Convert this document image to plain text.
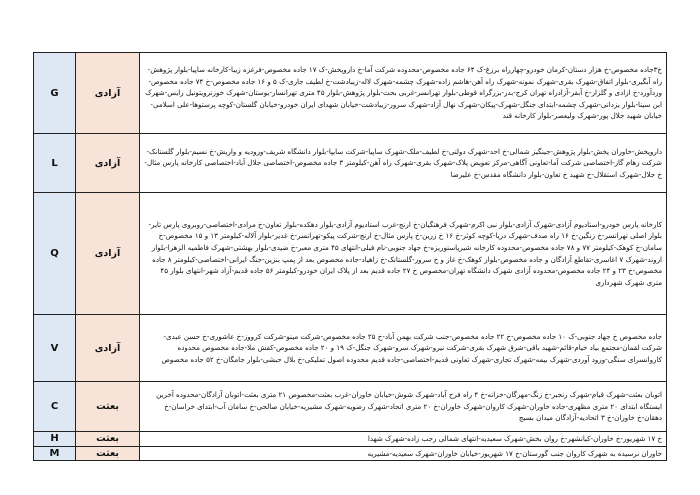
G	آزادی	خ۳جاده مخصوص-خ هزار دستان-کرمان خودرو-چهارراه برزغ-ک ۶۴ جاده مخصوص-محدوده شرکت آما-خ داروپخش-ک ۱۷ جاده مخصوص-فرغزه زیبا-کارخانه ساپیا-بلوار پژوهش-راه آبگیری-بلوار اتفاق-شهرک بقری-شهرک نمونه-شهرک راه آهن-هاشم زاده-شهرک چشمه-شهرک لاله-زیبادشت-خ لطیف جاری-ک ۵ و ۱۶ جاده مخصوص-خ ۷۴ جاده مخصوص-وردآورد-خ ازادی و گلزار-خ آبقر-آزادراه تهران کرج-بدر-بزرگراه قوطی-بلوار تهرانسر-غربی بحث-بلوار پژوهش-بلوار ۴۵ متری تهرانسار-بوستان-شهرک خوزنرویتونیل رایس-شهرک ابن سینا-بلوار یزدانی-شهرک چشمه-ابتدای جنگل-شهرک-پیکان-شهرک نهال آزاد-شهرک سرور-زیبادشت-خیابان شهدای ایران خودرو-خیابان گلستان-کوچه پرستوها-علی اسلامی-خیابان شهید جلال پور-شهرک ولیعصر-بلوار کارخانه قند
L	آزادی	داروپخش-خاوران پخش-بلوار پژوهش-جینگیز شمالی-خ احد-شهرک دولتی-خ لطیف-ملک-شهرک ساپیا-شرکت سایپا-بلوار دانشگاه شریف-ورودیه و واریش-خ نسیم-بلوار گلستانک-شرکت رهام گاز-اختصاصی شرکت آما-تعاونی آگاهی-مرکز تعویض پلاک-شهرک بقری-شهرک راه آهن-کیلومتر ۳ جاده مخصوص-اختصاصی جلال آباد-اختصاصی کارخانه پارس مثال-خ جلال-شهرک استقلال-خ شهید خ تعاون-بلوار دانشگاه مقدس-خ علیرضا
Q	آزادی	کارخانه پارس خودرو-استادیوم آزادی-شهرک آزادی-بلوار نبی اکرم-شهرک فرهنگیان-خ ارنج-غرب استادیوم آزادی-بلوار دهکده-بلوار تعاون-خ مرادی-اختصاصی-روبروی پارس تایر-بلوار اصلی تهرانسر-خ زنگین-خ ۱۶ راه صدف-شهرک دریا-کوچه کوثر-خ ۱۶ خ زرین-خ پارس مثال-خ ارنج-شرکت پیکو-تهرانسر-خ غدیر-بلوار آلاله-کیلومتر ۱۳ و ۱۵ مخصوص-خ سامان-خ کوهک-کیلومتر ۷۷ و ۷۸ جاده مخصوص-محدوده کارخانه شیرپاستوریزه-خ جهاد جنوبی-نام فیلی-انتهای ۴۵ متری معبر-خ ضیدی-بلوار بهشتی-شهرک فاطمیه الزهرا-بلوار اروند-شهرک ۷ اغاسری-تقاطع آزادگان و جاده مخصوص-بلوار کوهک-خ غاز و خ سرور-گلستانک-خ زاهیاد-جاده مخصوص بعد از پمپ بنزین-جنگ ایرانی-اختصاصی-کیلومتر ۸ جاده مخصوص-خ ۲۳ و ۲۴ جاده مخصوص-محدوده آزادی شهرک دانشگاه تهران-مخصوص خ ۲۷ جاده قدیم بعد از پلاک ایران خودرو-کیلومتر ۵۶ جاده قدیم-آزاد شهر-انتهای بلوار ۴۵ متری شهرک شهرداری
V	آزادی	جاده مخصوص خ جهاد جنوبی-ک ۱۰ جاده مخصوص-خ ۲۲ جاده مخصوص-جنب شرکت بهمن آباد-خ ۲۵ جاده مخصوص-شرکت مینو-شرکت کرووز-خ عاشوری-خ حسن عبدی-شرکت لقمان-مجتمع بیاد خیام-قائم-شهید باقی-شرق شهرک بقری-شرکت نیرو-شهرک سرو-شهرک جنگل-ک ۱۹ و ۲۰ جاده مخصوص-کفش ملا-جاده مخصوص محدوده کاروانسرای سنگی-ورود آوردی-شهرک بیمه-شهرک تجاری-شهرک تعاونی قدیم-اختصاصی-جاده قدیم محدوده اصول تملیکی-خ بلال حبشی-بلوار جامگان-خ ۵۲ جاده مخصوص
C	بعثت	اتوبان بعثت-شهرک قیام-شهرک رنجبر-خ زنگ-مهرگان-خزانه-خ ۴ راه فرح آباد-شهرک شوش-خیابان خاوران-غرب بعثت-مخصوص ۲۱ متری بعثت-اتوبان آزادگان-محدوده آخرین ایستگاه ابتدای ۲۰ متری مظهری-جاده خاوران-شهرک کاروان-شهرک خاوران-خ ۲۰ متری اتحاد-شهرک رضویه-شهرک مشیریه-خیابان صالحی-خ سامان آب-ابتدای خراسان-خ دهقان-خ خاوران-خ ۳ اتحادیه-آزادگان میدان بسیج
H	بعثت	خ ۱۷ شهریور-خ خاوران-کیانشهر-خ روان بخش-شهرک سعیدیه-انتهای شمالی رجب زاده-شهرک شهدا
M	بعثت	خاوران نرسیده به شهرک کاروان جنب گورستان-خ ۱۷ شهریور-خیابان خاوران-شهرک سعیدیه-مشیریه
